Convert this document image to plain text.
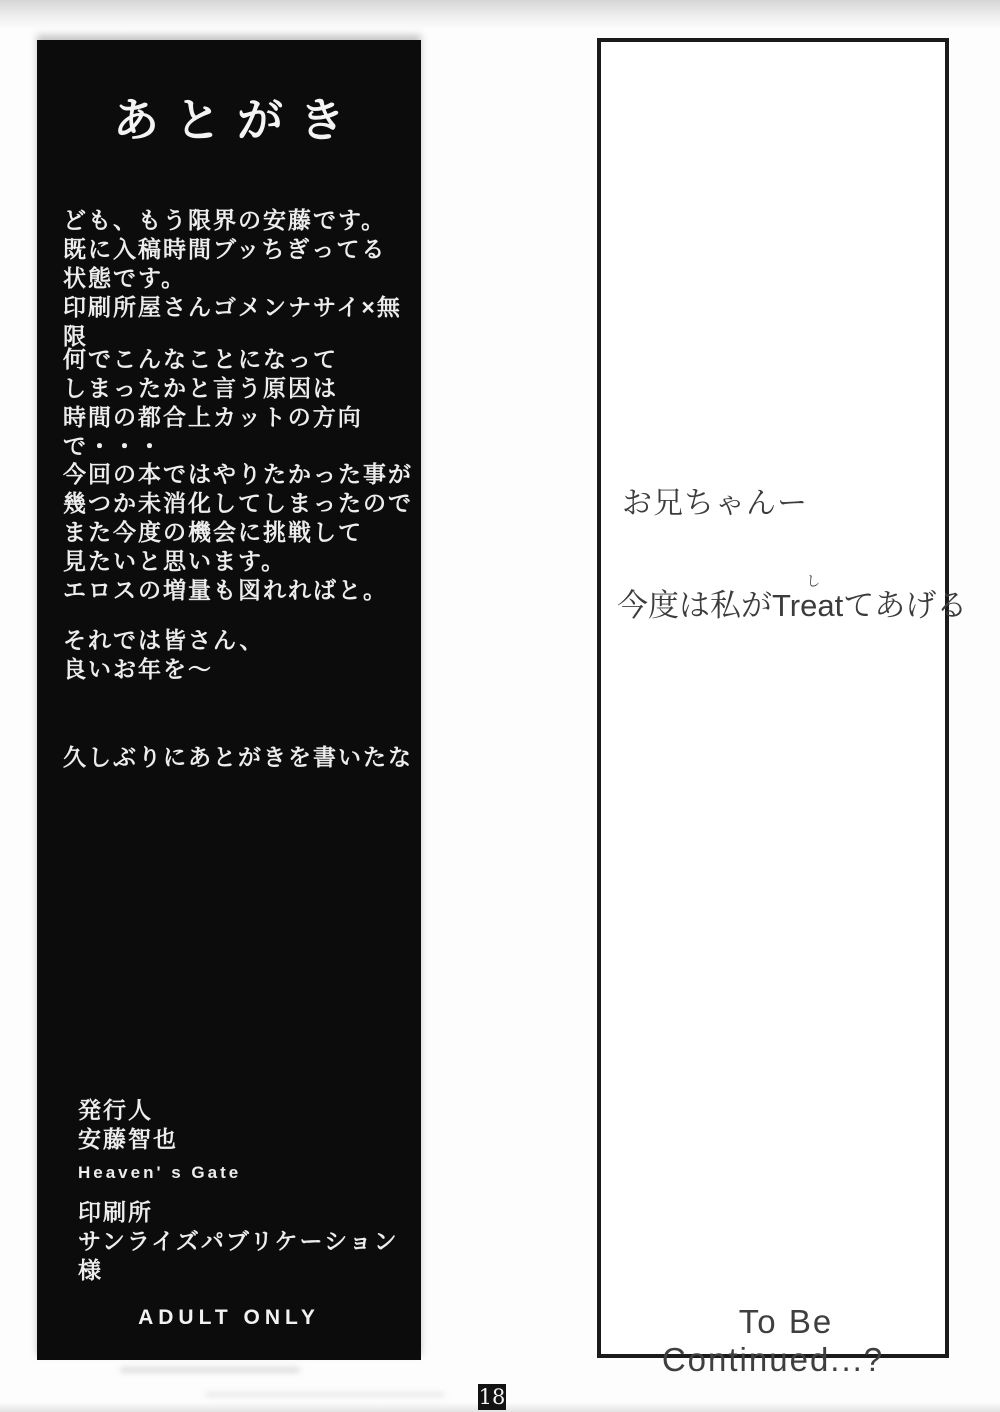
あとがき
ども、もう限界の安藤です。
既に入稿時間ブッちぎってる
状態です。
印刷所屋さんゴメンナサイ×無限
何でこんなことになって
しまったかと言う原因は
時間の都合上カットの方向で・・・
今回の本ではやりたかった事が
幾つか未消化してしまったので
また今度の機会に挑戦して
見たいと思います。
エロスの増量も図れればと。
それでは皆さん、
良いお年を～
久しぶりにあとがきを書いたな
発行人
安藤智也
Heaven' s Gate
印刷所
サンライズパブリケーション様
ADULT ONLY
お兄ちゃんー
今度は私が
し
Treatてあげる
To Be Continued...?
18
